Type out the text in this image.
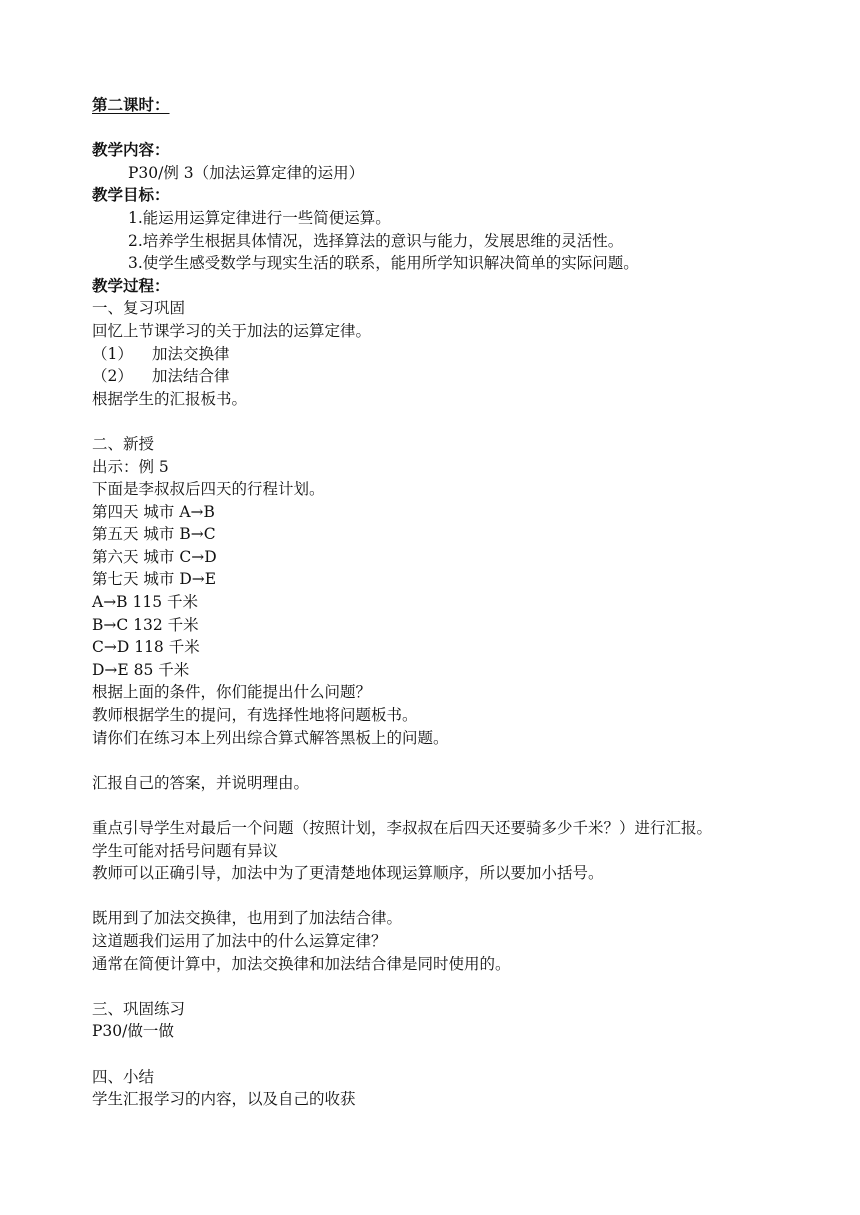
第二课时：
教学内容：
P30/例 3（加法运算定律的运用）
教学目标：
1.能运用运算定律进行一些简便运算。
2.培养学生根据具体情况，选择算法的意识与能力，发展思维的灵活性。
3.使学生感受数学与现实生活的联系，能用所学知识解决简单的实际问题。
教学过程：
一、复习巩固
回忆上节课学习的关于加法的运算定律。
（1）	加法交换律
（2）	加法结合律
根据学生的汇报板书。
二、新授
出示：例 5
下面是李叔叔后四天的行程计划。
第四天 城市 A→B
第五天 城市 B→C
第六天 城市 C→D
第七天 城市 D→E
A→B 115 千米
B→C 132 千米
C→D 118 千米
D→E 85 千米
根据上面的条件，你们能提出什么问题？
教师根据学生的提问，有选择性地将问题板书。
请你们在练习本上列出综合算式解答黑板上的问题。
汇报自己的答案，并说明理由。
重点引导学生对最后一个问题（按照计划，李叔叔在后四天还要骑多少千米？）进行汇报。
学生可能对括号问题有异议
教师可以正确引导，加法中为了更清楚地体现运算顺序，所以要加小括号。
既用到了加法交换律，也用到了加法结合律。
这道题我们运用了加法中的什么运算定律？
通常在简便计算中，加法交换律和加法结合律是同时使用的。
三、巩固练习
P30/做一做
四、小结
学生汇报学习的内容，以及自己的收获
